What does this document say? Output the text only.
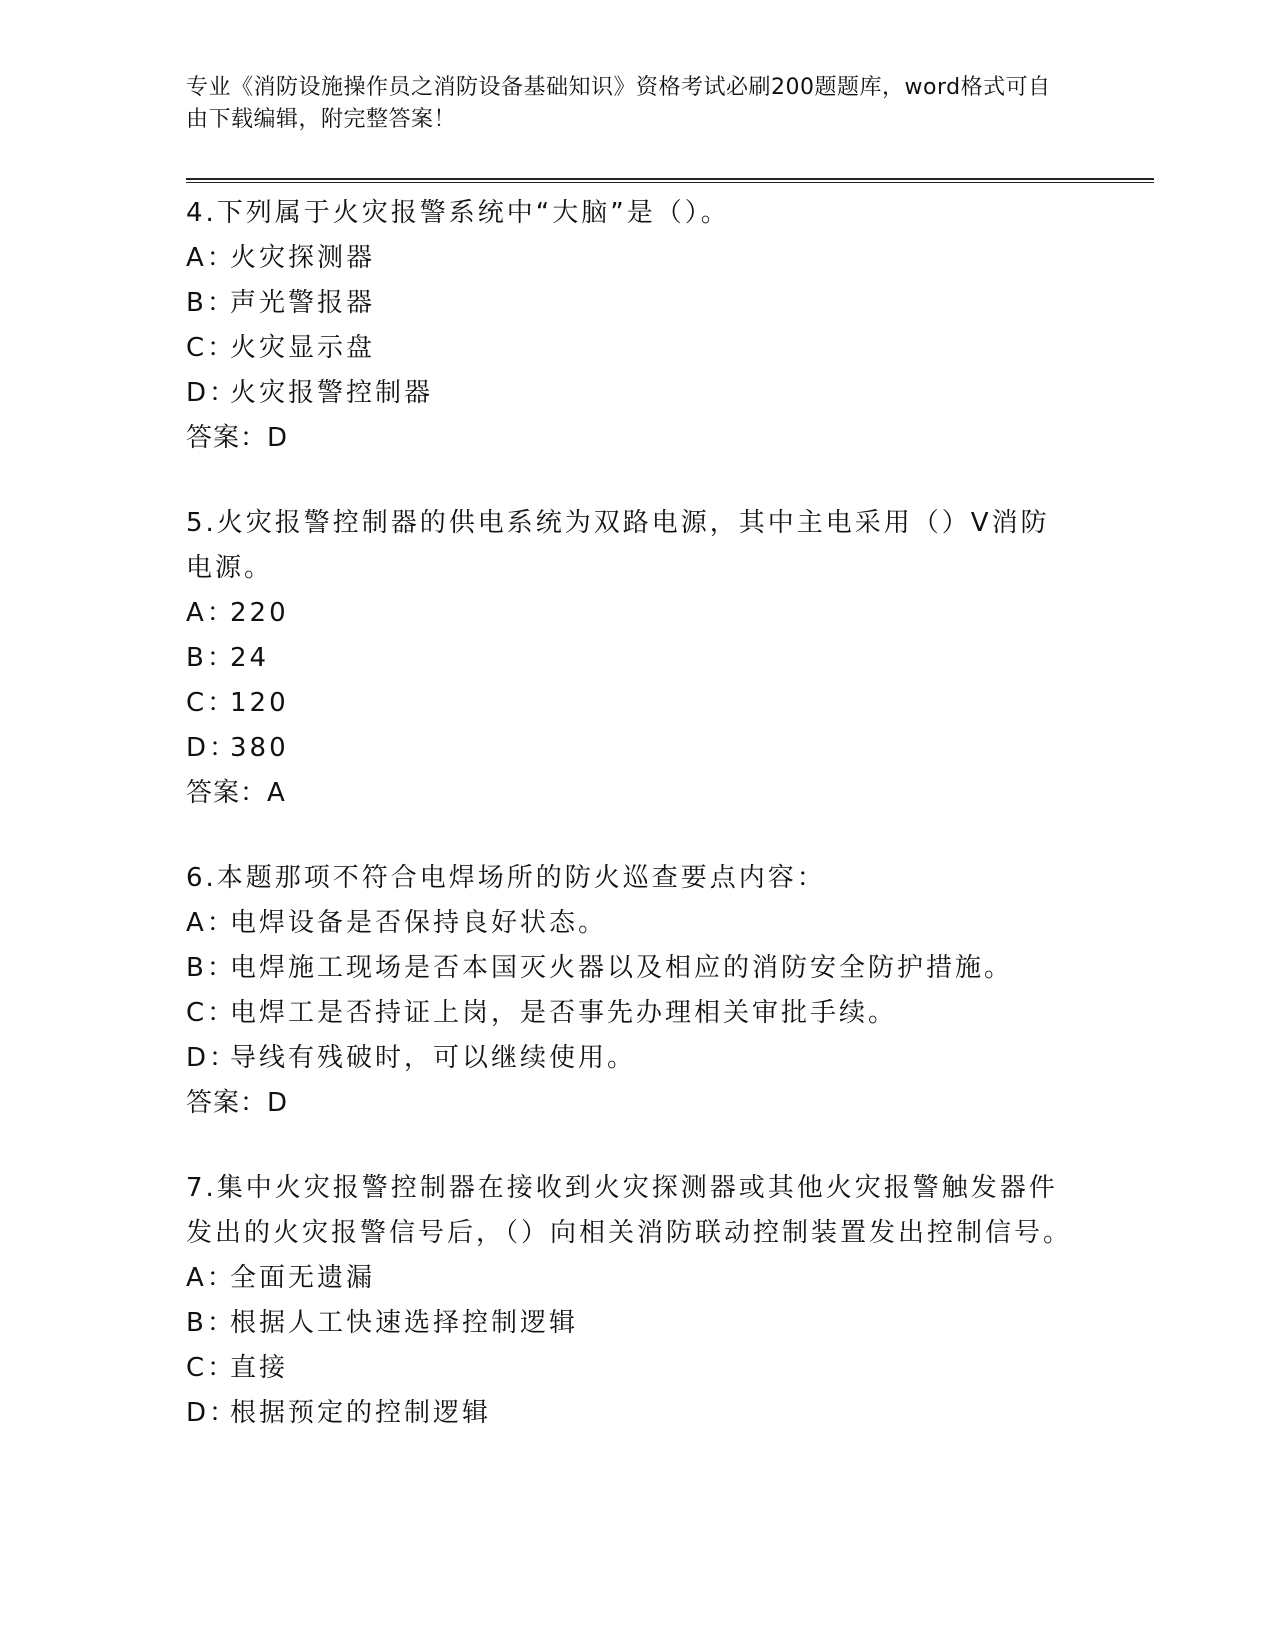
专业《消防设施操作员之消防设备基础知识》资格考试必刷200题题库，word格式可自由下载编辑，附完整答案！

4.下列属于火灾报警系统中“大脑”是（）。

A：
火灾探测器

B：
声光警报器

C：
火灾显示盘

D：
火灾报警控制器

答案：D

5.火灾报警控制器的供电系统为双路电源，其中主电采用（）V消防电源。

A：
220

B：
24

C：
120

D：
380

答案：A

6.本题那项不符合电焊场所的防火巡查要点内容：

A：
电焊设备是否保持良好状态。

B：
电焊施工现场是否本国灭火器以及相应的消防安全防护措施。

C：
电焊工是否持证上岗，是否事先办理相关审批手续。

D：
导线有残破时，可以继续使用。

答案：D

7.集中火灾报警控制器在接收到火灾探测器或其他火灾报警触发器件发出的火灾报警信号后，（）向相关消防联动控制装置发出控制信号。

A：
全面无遗漏

B：
根据人工快速选择控制逻辑

C：
直接

D：
根据预定的控制逻辑
